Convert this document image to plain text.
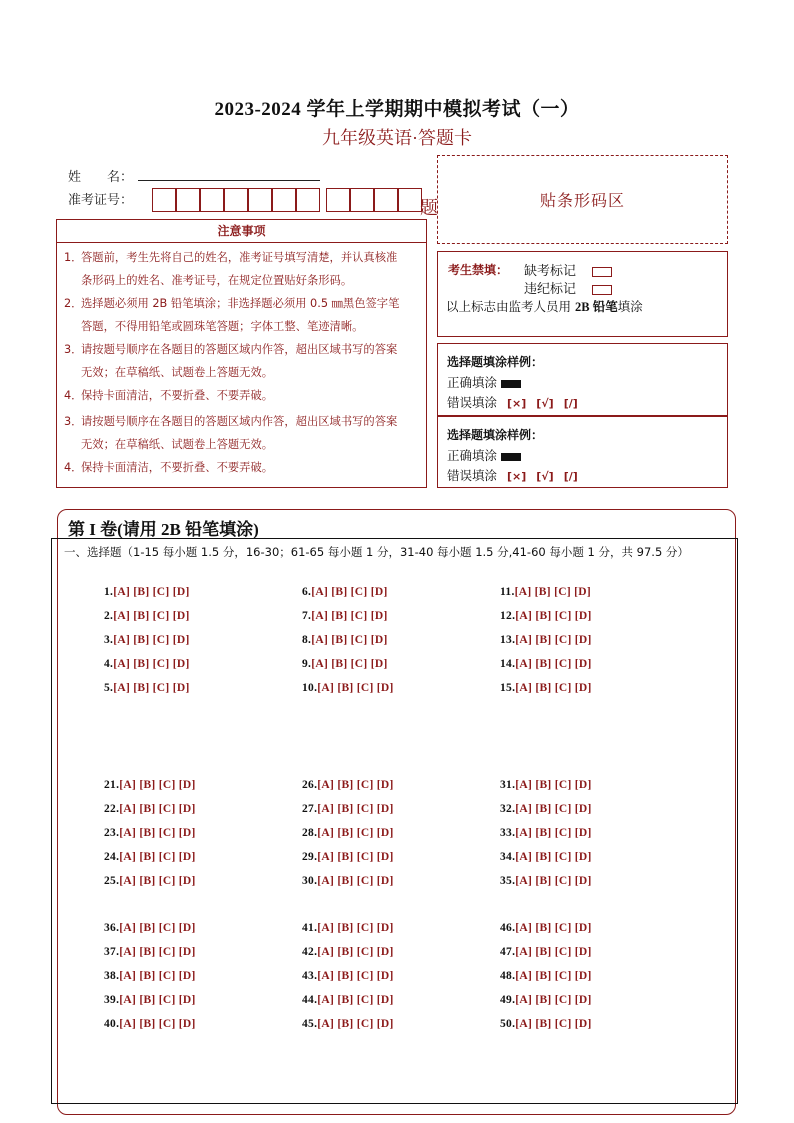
2023-2024 学年上学期期中模拟考试（一）
九年级英语·答题卡
姓　　名：
准考证号：	题	贴条形码区
注意事项
1．答题前，考生先将自己的姓名，准考证号填写清楚，并认真核准
条形码上的姓名、准考证号，在规定位置贴好条形码。
2．选择题必须用 2B 铅笔填涂；非选择题必须用 0.5 ㎜黑色签字笔
答题，不得用铅笔或圆珠笔答题；字体工整、笔迹清晰。
3．请按题号顺序在各题目的答题区域内作答，超出区域书写的答案
无效；在草稿纸、试题卷上答题无效。
4．保持卡面清洁，不要折叠、不要弄破。
3．请按题号顺序在各题目的答题区域内作答，超出区域书写的答案
无效；在草稿纸、试题卷上答题无效。
4．保持卡面清洁，不要折叠、不要弄破。
考生禁填： 缺考标记
违纪标记
以上标志由监考人员用 2B 铅笔填涂
选择题填涂样例：
正确填涂
错误填涂 [×] [√] [/]
选择题填涂样例：
正确填涂
错误填涂 [×] [√] [/]
第 I 卷(请用 2B 铅笔填涂)
一、选择题（1-15 每小题 1.5 分，16-30；61-65 每小题 1 分，31-40 每小题 1.5 分,41-60 每小题 1 分，共 97.5 分）
1.[A] [B] [C] [D]
2.[A] [B] [C] [D]
3.[A] [B] [C] [D]
4.[A] [B] [C] [D]
5.[A] [B] [C] [D]
6.[A] [B] [C] [D]
7.[A] [B] [C] [D]
8.[A] [B] [C] [D]
9.[A] [B] [C] [D]
10.[A] [B] [C] [D]
11.[A] [B] [C] [D]
12.[A] [B] [C] [D]
13.[A] [B] [C] [D]
14.[A] [B] [C] [D]
15.[A] [B] [C] [D]
21.[A] [B] [C] [D]
22.[A] [B] [C] [D]
23.[A] [B] [C] [D]
24.[A] [B] [C] [D]
25.[A] [B] [C] [D]
26.[A] [B] [C] [D]
27.[A] [B] [C] [D]
28.[A] [B] [C] [D]
29.[A] [B] [C] [D]
30.[A] [B] [C] [D]
31.[A] [B] [C] [D]
32.[A] [B] [C] [D]
33.[A] [B] [C] [D]
34.[A] [B] [C] [D]
35.[A] [B] [C] [D]
36.[A] [B] [C] [D]
37.[A] [B] [C] [D]
38.[A] [B] [C] [D]
39.[A] [B] [C] [D]
40.[A] [B] [C] [D]
41.[A] [B] [C] [D]
42.[A] [B] [C] [D]
43.[A] [B] [C] [D]
44.[A] [B] [C] [D]
45.[A] [B] [C] [D]
46.[A] [B] [C] [D]
47.[A] [B] [C] [D]
48.[A] [B] [C] [D]
49.[A] [B] [C] [D]
50.[A] [B] [C] [D]
